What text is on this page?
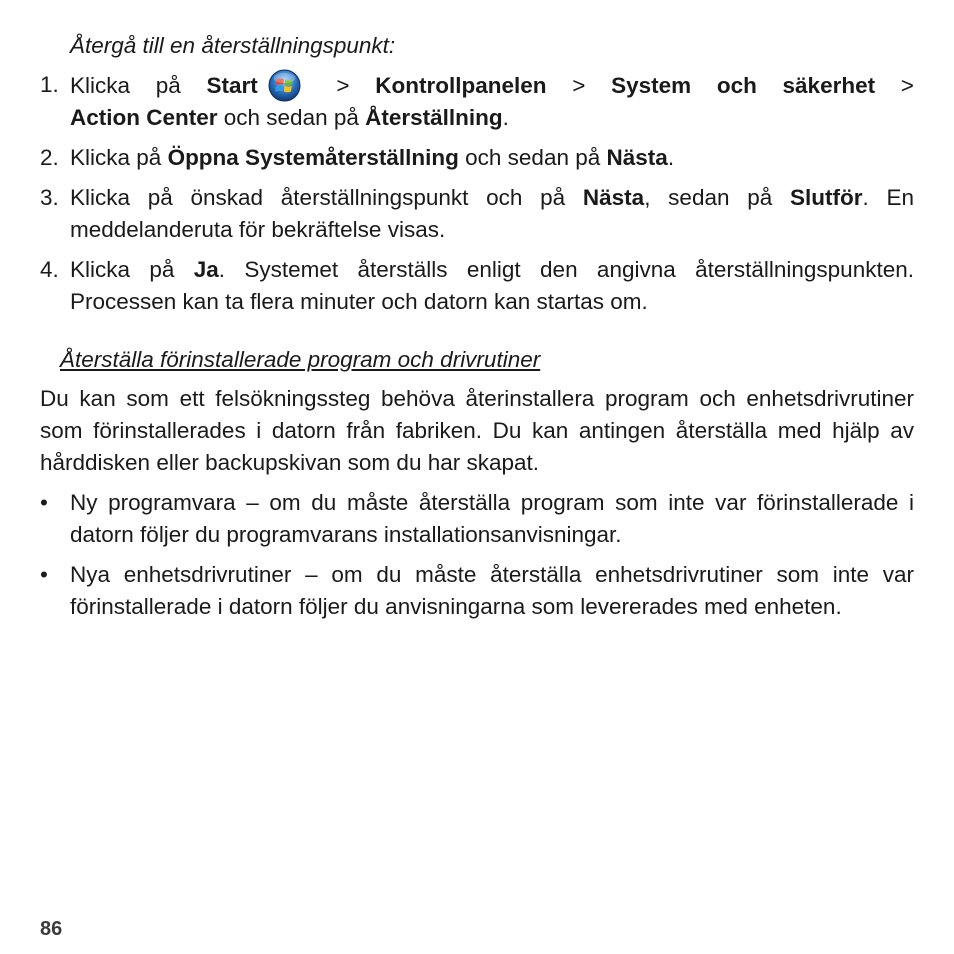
Återgå till en återställningspunkt:
1. Klicka på Start > Kontrollpanelen > System och säkerhet >
Action Center och sedan på Återställning.
2. Klicka på Öppna Systemåterställning och sedan på Nästa.
3. Klicka på önskad återställningspunkt och på Nästa, sedan på Slutför. En meddelanderuta för bekräftelse visas.
4. Klicka på Ja. Systemet återställs enligt den angivna återställningspunkten. Processen kan ta flera minuter och datorn kan startas om.
Återställa förinstallerade program och drivrutiner

Du kan som ett felsökningssteg behöva återinstallera program och enhetsdrivrutiner som förinstallerades i datorn från fabriken. Du kan antingen återställa med hjälp av hårddisken eller backupskivan som du har skapat.

• Ny programvara – om du måste återställa program som inte var förinstallerade i datorn följer du programvarans installationsanvisningar.
• Nya enhetsdrivrutiner – om du måste återställa enhetsdrivrutiner som inte var förinstallerade i datorn följer du anvisningarna som levererades med enheten.
86
